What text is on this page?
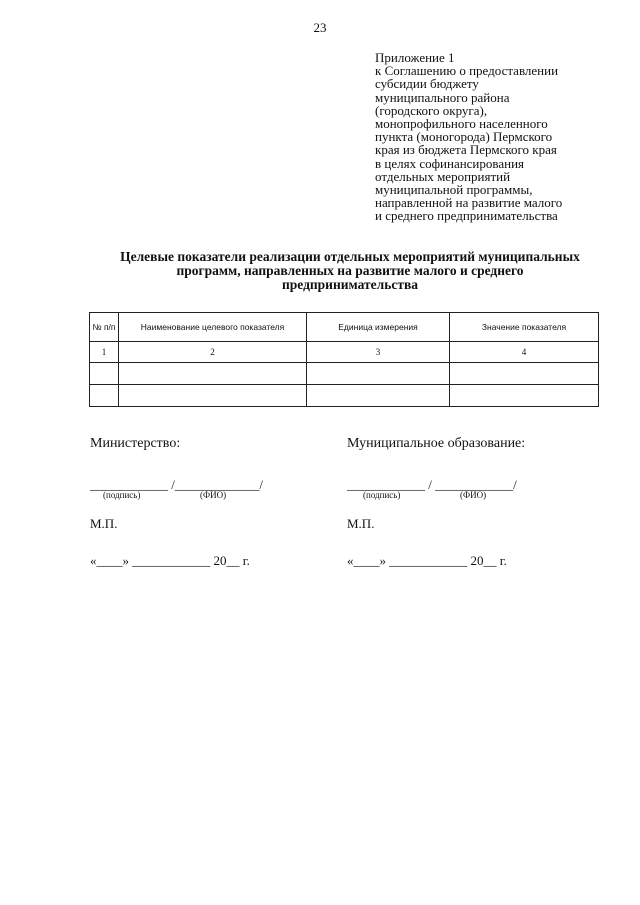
23
Приложение 1
к Соглашению о предоставлении
субсидии бюджету
муниципального района
(городского округа),
монопрофильного населенного
пункта (моногорода) Пермского
края из бюджета Пермского края
в целях софинансирования
отдельных мероприятий
муниципальной программы,
направленной на развитие малого
и среднего предпринимательства
Целевые показатели реализации отдельных мероприятий муниципальных
программ, направленных на развитие малого и среднего
предпринимательства
№ п/п	Наименование целевого показателя	Единица измерения	Значение показателя
1	2	3	4

Министерство:
____________ /_____________/
(подпись)	(ФИО)
М.П.
«____» ____________ 20__ г.
Муниципальное образование:
____________ / ____________/
(подпись)	(ФИО)
М.П.
«____» ____________ 20__ г.
